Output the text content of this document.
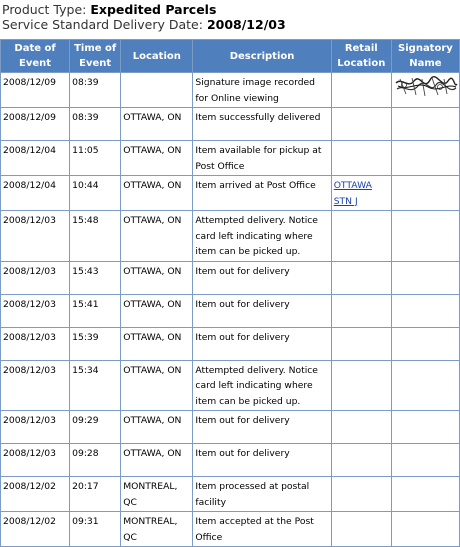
Product Type: Expedited Parcels
Service Standard Delivery Date: 2008/12/03
Date of Event	Time of Event	Location	Description	Retail Location	Signatory Name
2008/12/09	08:39		Signature image recorded for Online viewing		

2008/12/09	08:39	OTTAWA, ON	Item successfully delivered		
2008/12/04	11:05	OTTAWA, ON	Item available for pickup at Post Office		
2008/12/04	10:44	OTTAWA, ON	Item arrived at Post Office	OTTAWA STN J	
2008/12/03	15:48	OTTAWA, ON	Attempted delivery. Notice card left indicating where item can be picked up.		
2008/12/03	15:43	OTTAWA, ON	Item out for delivery		
2008/12/03	15:41	OTTAWA, ON	Item out for delivery		
2008/12/03	15:39	OTTAWA, ON	Item out for delivery		
2008/12/03	15:34	OTTAWA, ON	Attempted delivery. Notice card left indicating where item can be picked up.		
2008/12/03	09:29	OTTAWA, ON	Item out for delivery		
2008/12/03	09:28	OTTAWA, ON	Item out for delivery		
2008/12/02	20:17	MONTREAL, QC	Item processed at postal facility		
2008/12/02	09:31	MONTREAL, QC	Item accepted at the Post Office		
